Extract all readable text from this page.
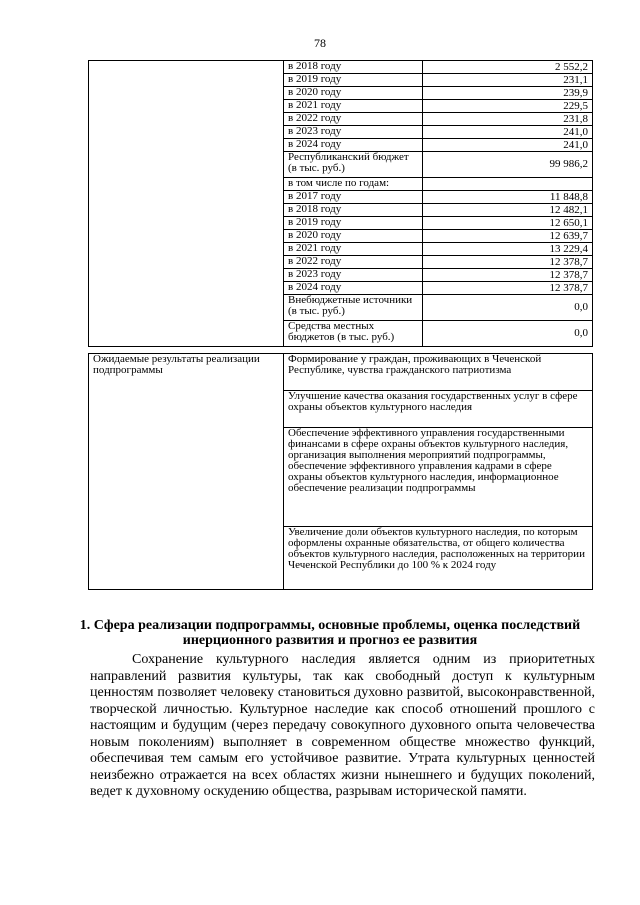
78
	в 2018 году	2 552,2
	в 2019 году	231,1
	в 2020 году	239,9
	в 2021 году	229,5
	в 2022 году	231,8
	в 2023 году	241,0
	в 2024 году	241,0
	Республиканский бюджет (в тыс. руб.)	99 986,2
	в том числе по годам:	
	в 2017 году	11 848,8
	в 2018 году	12 482,1
	в 2019 году	12 650,1
	в 2020 году	12 639,7
	в 2021 году	13 229,4
	в 2022 году	12 378,7
	в 2023 году	12 378,7
	в 2024 году	12 378,7
	Внебюджетные источники (в тыс. руб.)	0,0
	Средства местных бюджетов (в тыс. руб.)	0,0
Ожидаемые результаты реализации подпрограммы	Формирование у граждан, проживающих в Чеченской Республике, чувства гражданского патриотизма
Улучшение качества оказания государственных услуг в сфере охраны объектов культурного наследия
Обеспечение эффективного управления государственными финансами в сфере охраны объектов культурного наследия, организация выполнения мероприятий подпрограммы, обеспечение эффективного управления кадрами в сфере охраны объектов культурного наследия, информационное обеспечение реализации подпрограммы
Увеличение доли объектов культурного наследия, по которым оформлены охранные обязательства, от общего количества объектов культурного наследия, расположенных на территории Чеченской Республики до 100 % к 2024 году
1. Сфера реализации подпрограммы, основные проблемы, оценка последствий инерционного развития и прогноз ее развития

Сохранение культурного наследия является одним из приоритетных направлений развития культуры, так как свободный доступ к культурным ценностям позволяет человеку становиться духовно развитой, высоконравственной, творческой личностью. Культурное наследие как способ отношений прошлого с настоящим и будущим (через передачу совокупного духовного опыта человечества новым поколениям) выполняет в современном обществе множество функций, обеспечивая тем самым его устойчивое развитие. Утрата культурных ценностей неизбежно отражается на всех областях жизни нынешнего и будущих поколений, ведет к духовному оскудению общества, разрывам исторической памяти.
